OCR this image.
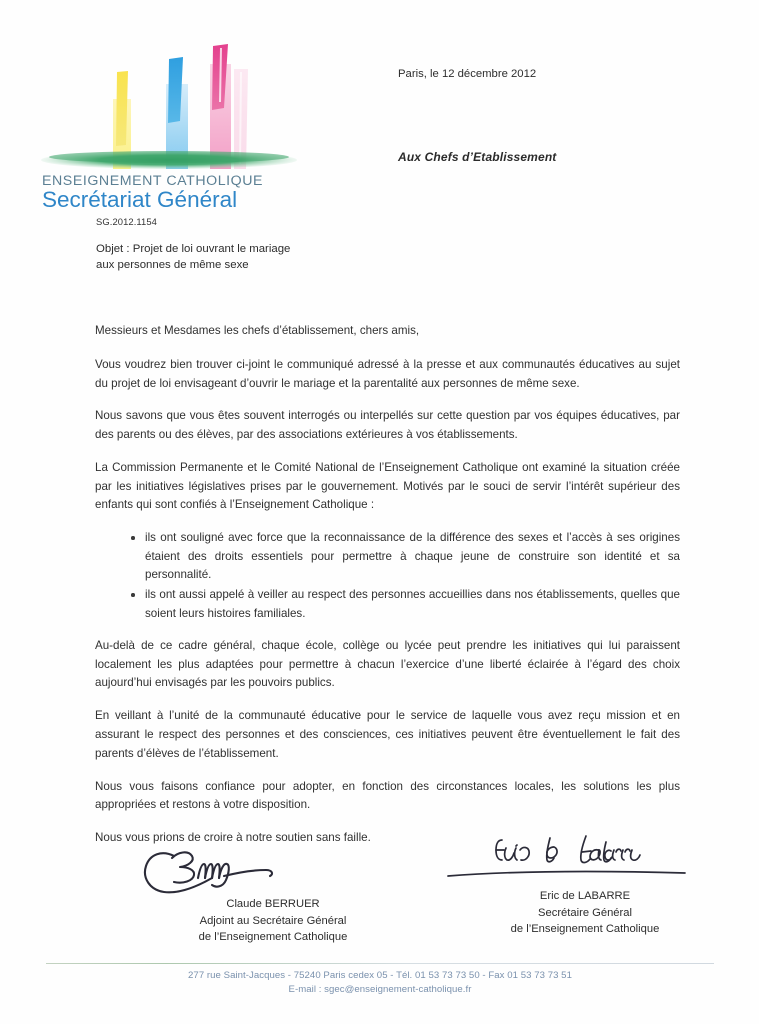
ENSEIGNEMENT CATHOLIQUE
Secrétariat Général
SG.2012.1154
Objet : Projet de loi ouvrant le mariage
aux personnes de même sexe
Paris, le 12 décembre 2012
Aux Chefs d’Etablissement

Messieurs et Mesdames les chefs d’établissement, chers amis,

Vous voudrez bien trouver ci-joint le communiqué adressé à la presse et aux communautés éducatives au sujet du projet de loi envisageant d’ouvrir le mariage et la parentalité aux personnes de même sexe.

Nous savons que vous êtes souvent interrogés ou interpellés sur cette question par vos équipes éducatives, par des parents ou des élèves, par des associations extérieures à vos établissements.

La Commission Permanente et le Comité National de l’Enseignement Catholique ont examiné la situation créée par les initiatives législatives prises par le gouvernement. Motivés par le souci de servir l’intérêt supérieur des enfants qui sont confiés à l’Enseignement Catholique :

ils ont souligné avec force que la reconnaissance de la différence des sexes et l’accès à ses origines étaient des droits essentiels pour permettre à chaque jeune de construire son identité et sa personnalité.
ils ont aussi appelé à veiller au respect des personnes accueillies dans nos établissements, quelles que soient leurs histoires familiales.

Au-delà de ce cadre général, chaque école, collège ou lycée peut prendre les initiatives qui lui paraissent localement les plus adaptées pour permettre à chacun l’exercice d’une liberté éclairée à l’égard des choix aujourd’hui envisagés par les pouvoirs publics.

En veillant à l’unité de la communauté éducative pour le service de laquelle vous avez reçu mission et en assurant le respect des personnes et des consciences, ces initiatives peuvent être éventuellement le fait des parents d’élèves de l’établissement.

Nous vous faisons confiance pour adopter, en fonction des circonstances locales, les solutions les plus appropriées et restons à votre disposition.

Nous vous prions de croire à notre soutien sans faille.

Claude BERRUER
Adjoint au Secrétaire Général
de l’Enseignement Catholique
Eric de LABARRE
Secrétaire Général
de l’Enseignement Catholique
277 rue Saint-Jacques - 75240 Paris cedex 05 - Tél. 01 53 73 73 50 - Fax 01 53 73 73 51
E-mail : sgec@enseignement-catholique.fr
